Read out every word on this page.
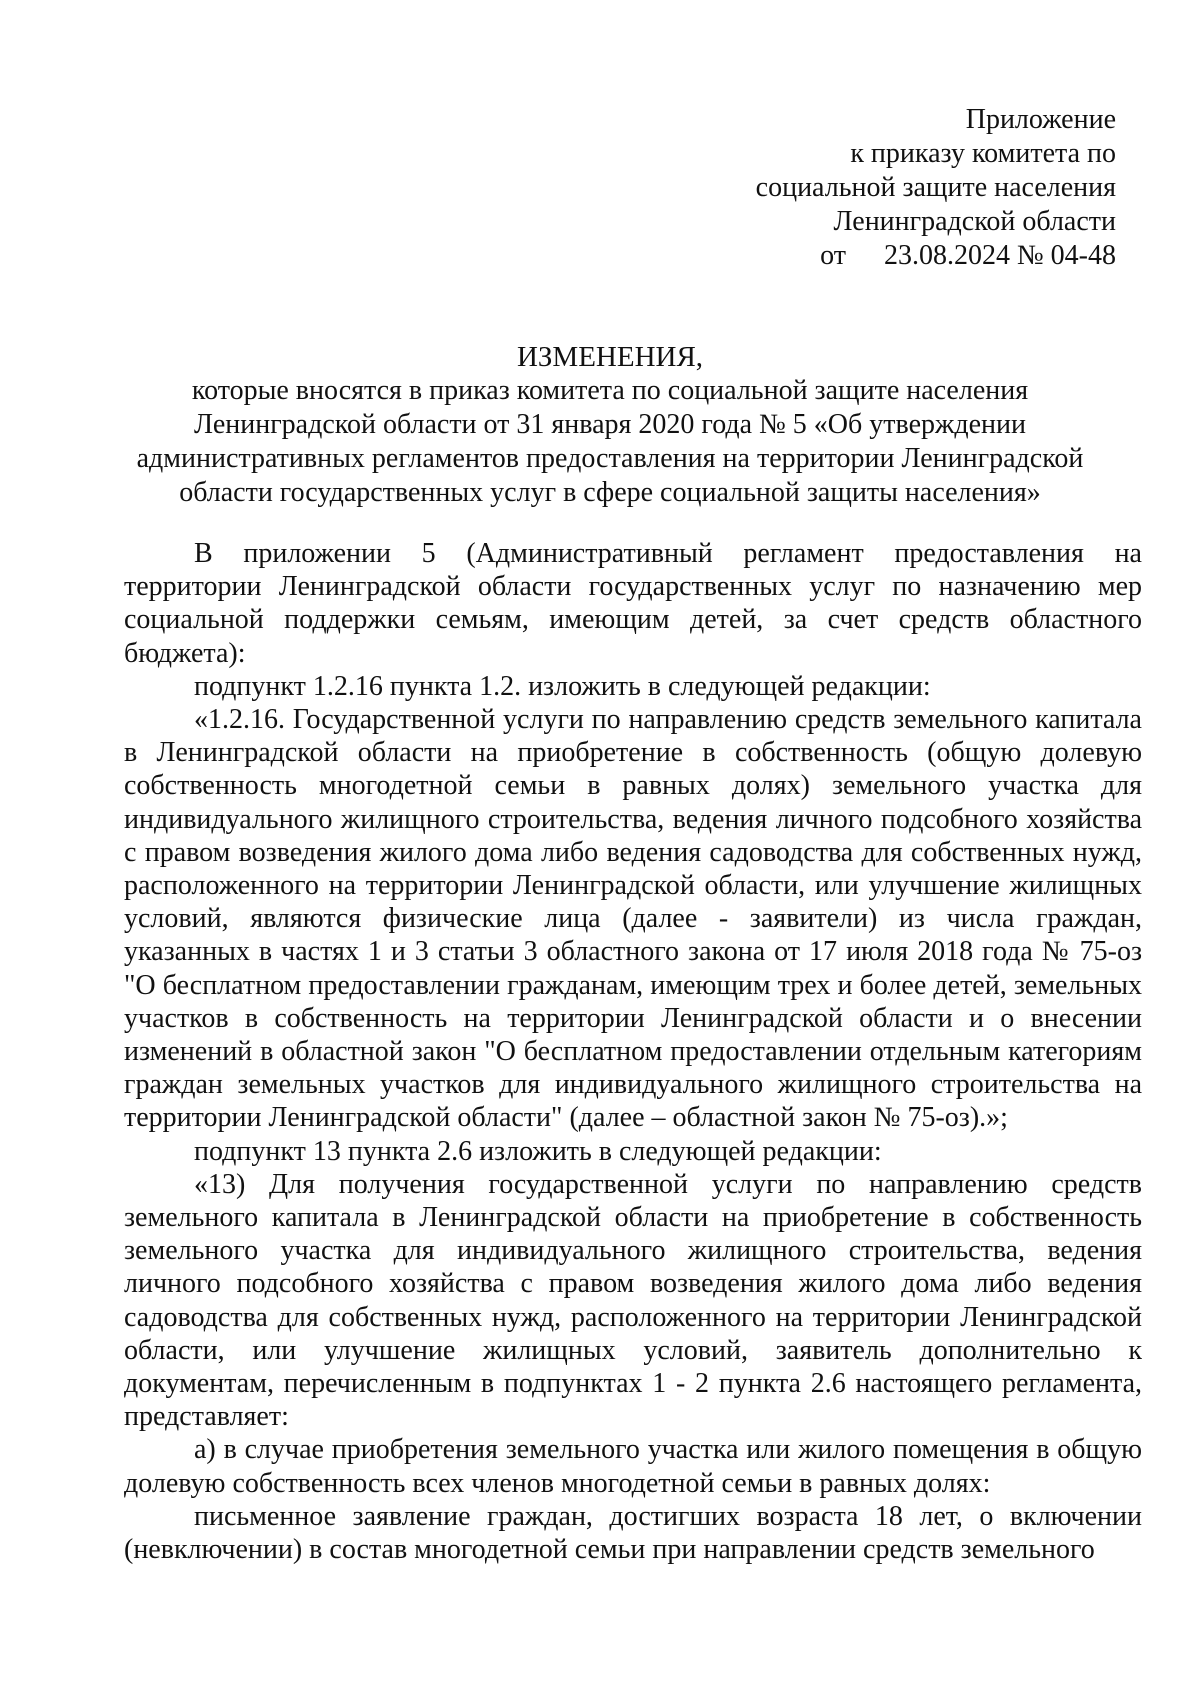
Приложение
к приказу комитета по
социальной защите населения
Ленинградской области
от 23.08.2024 № 04-48
ИЗМЕНЕНИЯ,
которые вносятся в приказ комитета по социальной защите населения
Ленинградской области от 31 января 2020 года № 5 «Об утверждении
административных регламентов предоставления на территории Ленинградской
области государственных услуг в сфере социальной защиты населения»

В приложении 5 (Административный регламент предоставления на территории Ленинградской области государственных услуг по назначению мер социальной поддержки семьям, имеющим детей, за счет средств областного бюджета):

подпункт 1.2.16 пункта 1.2. изложить в следующей редакции:

«1.2.16. Государственной услуги по направлению средств земельного капитала в Ленинградской области на приобретение в собственность (общую долевую собственность многодетной семьи в равных долях) земельного участка для индивидуального жилищного строительства, ведения личного подсобного хозяйства с правом возведения жилого дома либо ведения садоводства для собственных нужд, расположенного на территории Ленинградской области, или улучшение жилищных условий, являются физические лица (далее - заявители) из числа граждан, указанных в частях 1 и 3 статьи 3 областного закона от 17 июля 2018 года № 75-оз "О бесплатном предоставлении гражданам, имеющим трех и более детей, земельных участков в собственность на территории Ленинградской области и о внесении изменений в областной закон "О бесплатном предоставлении отдельным категориям граждан земельных участков для индивидуального жилищного строительства на территории Ленинградской области" (далее – областной закон № 75-оз).»;

подпункт 13 пункта 2.6 изложить в следующей редакции:

«13) Для получения государственной услуги по направлению средств земельного капитала в Ленинградской области на приобретение в собственность земельного участка для индивидуального жилищного строительства, ведения личного подсобного хозяйства с правом возведения жилого дома либо ведения садоводства для собственных нужд, расположенного на территории Ленинградской области, или улучшение жилищных условий, заявитель дополнительно к документам, перечисленным в подпунктах 1 - 2 пункта 2.6 настоящего регламента, представляет:

а) в случае приобретения земельного участка или жилого помещения в общую долевую собственность всех членов многодетной семьи в равных долях:

письменное заявление граждан, достигших возраста 18 лет, о включении (невключении) в состав многодетной семьи при направлении средств земельного
